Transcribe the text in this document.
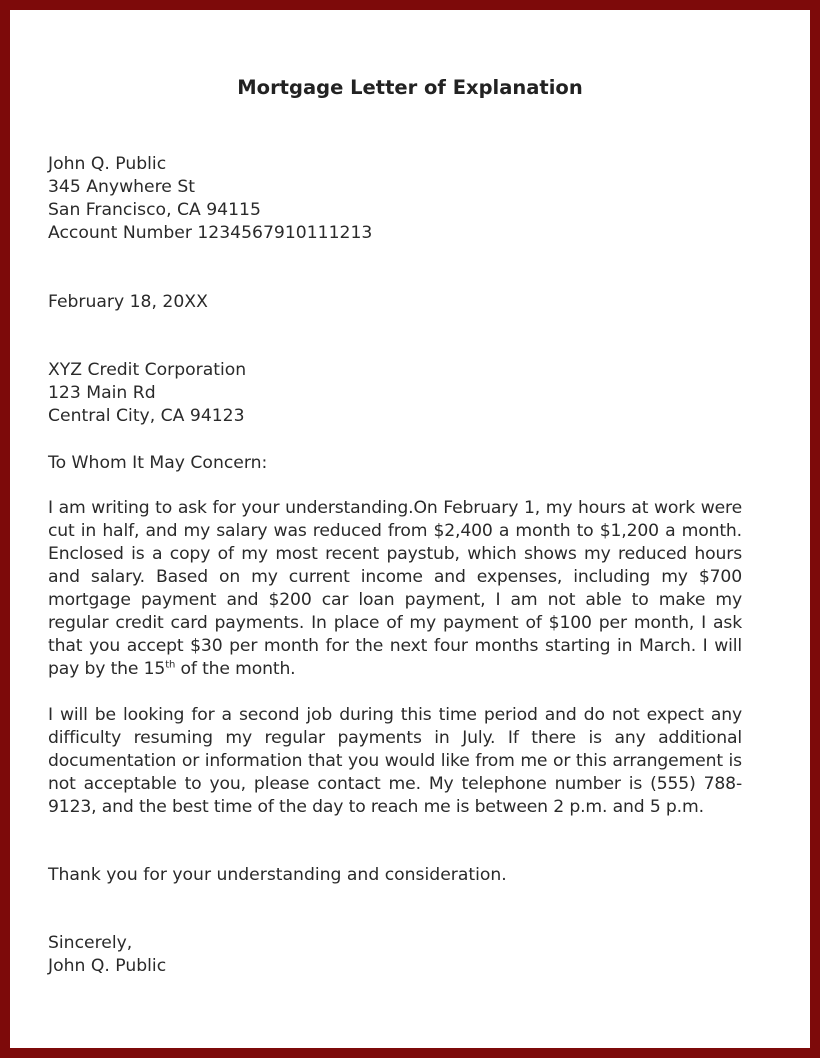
Mortgage Letter of Explanation
John Q. Public
345 Anywhere St
San Francisco, CA 94115
Account Number 1234567910111213
February 18, 20XX
XYZ Credit Corporation
123 Main Rd
Central City, CA 94123
To Whom It May Concern:
I am writing to ask for your understanding.On February 1, my hours at work were cut in half, and my salary was reduced from $2,400 a month to $1,200 a month. Enclosed is a copy of my most recent paystub, which shows my reduced hours and salary. Based on my current income and expenses, including my $700 mortgage payment and $200 car loan payment, I am not able to make my regular credit card payments. In place of my payment of $100 per month, I ask that you accept $30 per month for the next four months starting in March. I will pay by the 15th of the month.
I will be looking for a second job during this time period and do not expect any difficulty resuming my regular payments in July. If there is any additional documentation or information that you would like from me or this arrangement is not acceptable to you, please contact me. My telephone number is (555) 788-9123, and the best time of the day to reach me is between 2 p.m. and 5 p.m.
Thank you for your understanding and consideration.
Sincerely,
John Q. Public
